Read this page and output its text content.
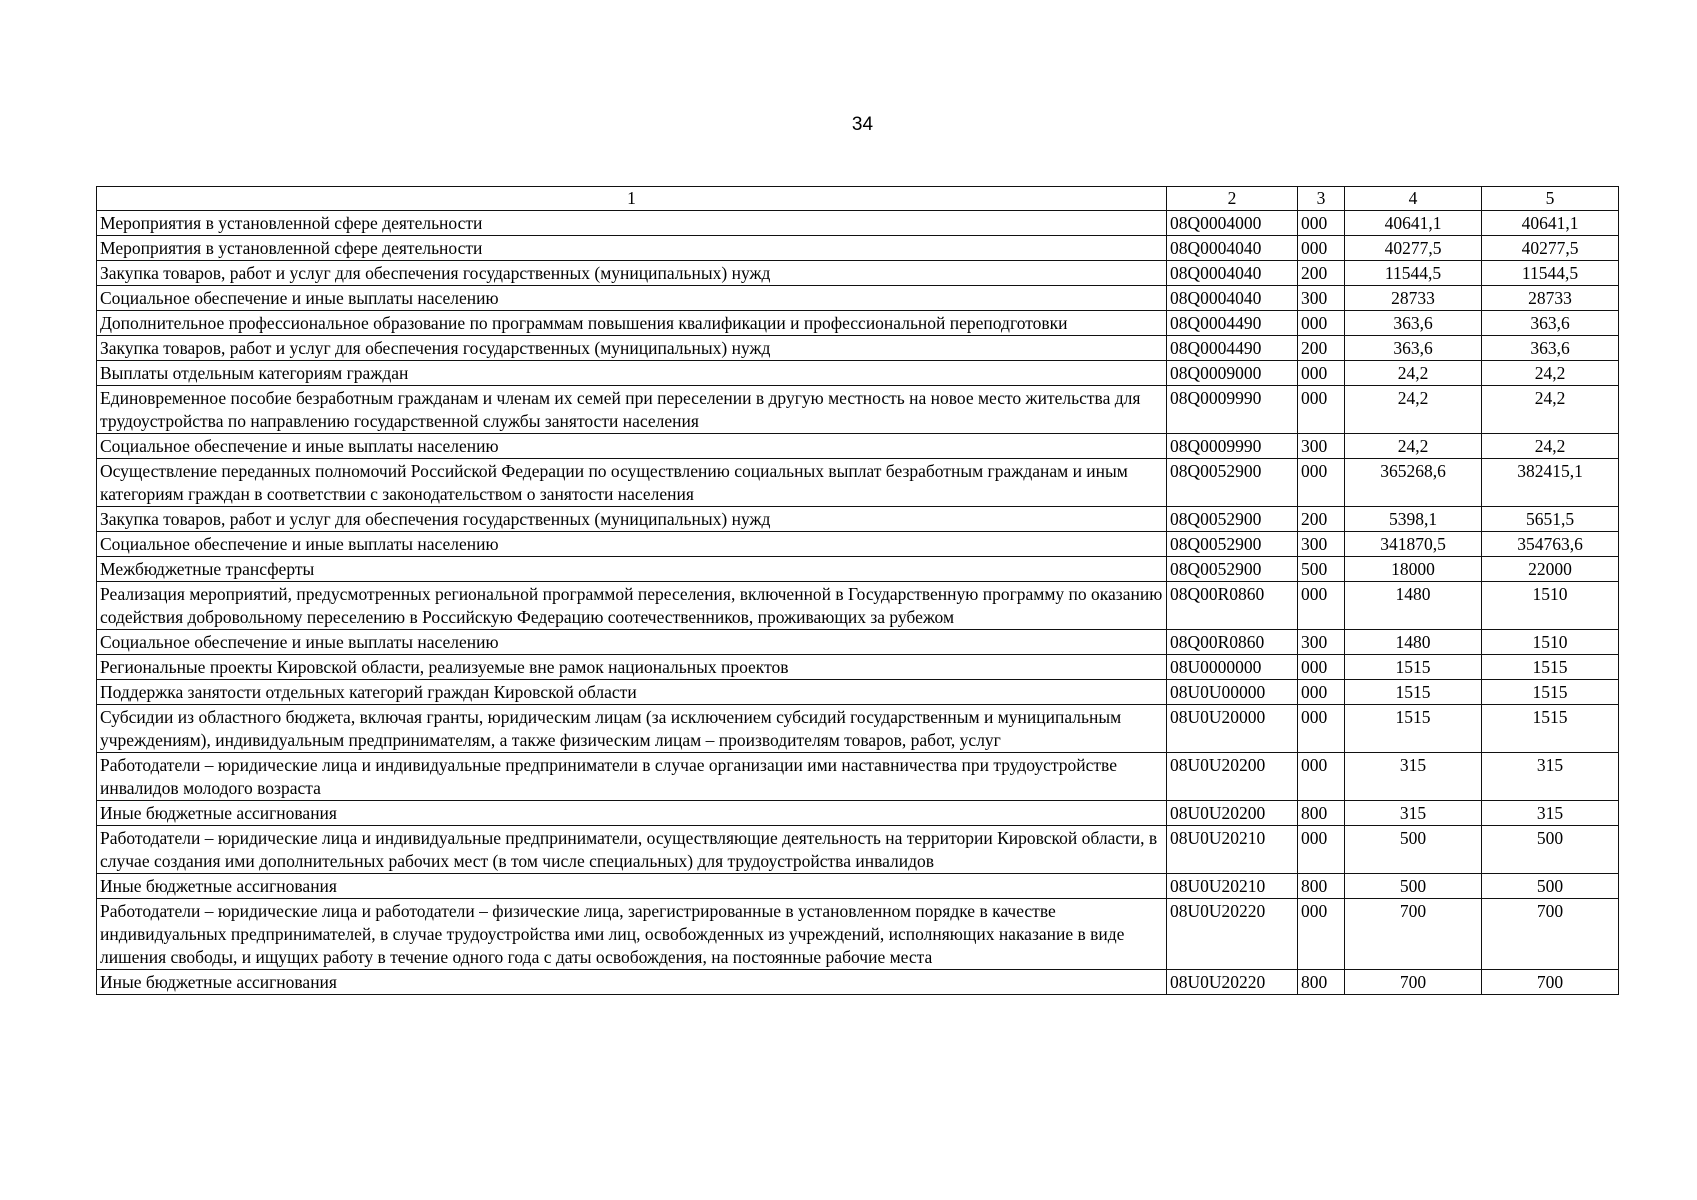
34
1	2	3	4	5
Мероприятия в установленной сфере деятельности	08Q0004000	000	40641,1	40641,1
Мероприятия в установленной сфере деятельности	08Q0004040	000	40277,5	40277,5
Закупка товаров, работ и услуг для обеспечения государственных (муниципальных) нужд	08Q0004040	200	11544,5	11544,5
Социальное обеспечение и иные выплаты населению	08Q0004040	300	28733	28733
Дополнительное профессиональное образование по программам повышения квалификации и профессиональной переподготовки	08Q0004490	000	363,6	363,6
Закупка товаров, работ и услуг для обеспечения государственных (муниципальных) нужд	08Q0004490	200	363,6	363,6
Выплаты отдельным категориям граждан	08Q0009000	000	24,2	24,2
Единовременное пособие безработным гражданам и членам их семей при переселении в другую местность на новое место жительства для трудоустройства по направлению государственной службы занятости населения	08Q0009990	000	24,2	24,2
Социальное обеспечение и иные выплаты населению	08Q0009990	300	24,2	24,2
Осуществление переданных полномочий Российской Федерации по осуществлению социальных выплат безработным гражданам и иным категориям граждан в соответствии с законодательством о занятости населения	08Q0052900	000	365268,6	382415,1
Закупка товаров, работ и услуг для обеспечения государственных (муниципальных) нужд	08Q0052900	200	5398,1	5651,5
Социальное обеспечение и иные выплаты населению	08Q0052900	300	341870,5	354763,6
Межбюджетные трансферты	08Q0052900	500	18000	22000
Реализация мероприятий, предусмотренных региональной программой переселения, включенной в Государственную программу по оказанию содействия добровольному переселению в Российскую Федерацию соотечественников, проживающих за рубежом	08Q00R0860	000	1480	1510
Социальное обеспечение и иные выплаты населению	08Q00R0860	300	1480	1510
Региональные проекты Кировской области, реализуемые вне рамок национальных проектов	08U0000000	000	1515	1515
Поддержка занятости отдельных категорий граждан Кировской области	08U0U00000	000	1515	1515
Субсидии из областного бюджета, включая гранты, юридическим лицам (за исключением субсидий государственным и муниципальным учреждениям), индивидуальным предпринимателям, а также физическим лицам – производителям товаров, работ, услуг	08U0U20000	000	1515	1515
Работодатели – юридические лица и индивидуальные предприниматели в случае организации ими наставничества при трудоустройстве инвалидов молодого возраста	08U0U20200	000	315	315
Иные бюджетные ассигнования	08U0U20200	800	315	315
Работодатели – юридические лица и индивидуальные предприниматели, осуществляющие деятельность на территории Кировской области, в случае создания ими дополнительных рабочих мест (в том числе специальных) для трудоустройства инвалидов	08U0U20210	000	500	500
Иные бюджетные ассигнования	08U0U20210	800	500	500
Работодатели – юридические лица и работодатели – физические лица, зарегистрированные в установленном порядке в качестве индивидуальных предпринимателей, в случае трудоустройства ими лиц, освобожденных из учреждений, исполняющих наказание в виде лишения свободы, и ищущих работу в течение одного года с даты освобождения, на постоянные рабочие места	08U0U20220	000	700	700
Иные бюджетные ассигнования	08U0U20220	800	700	700
